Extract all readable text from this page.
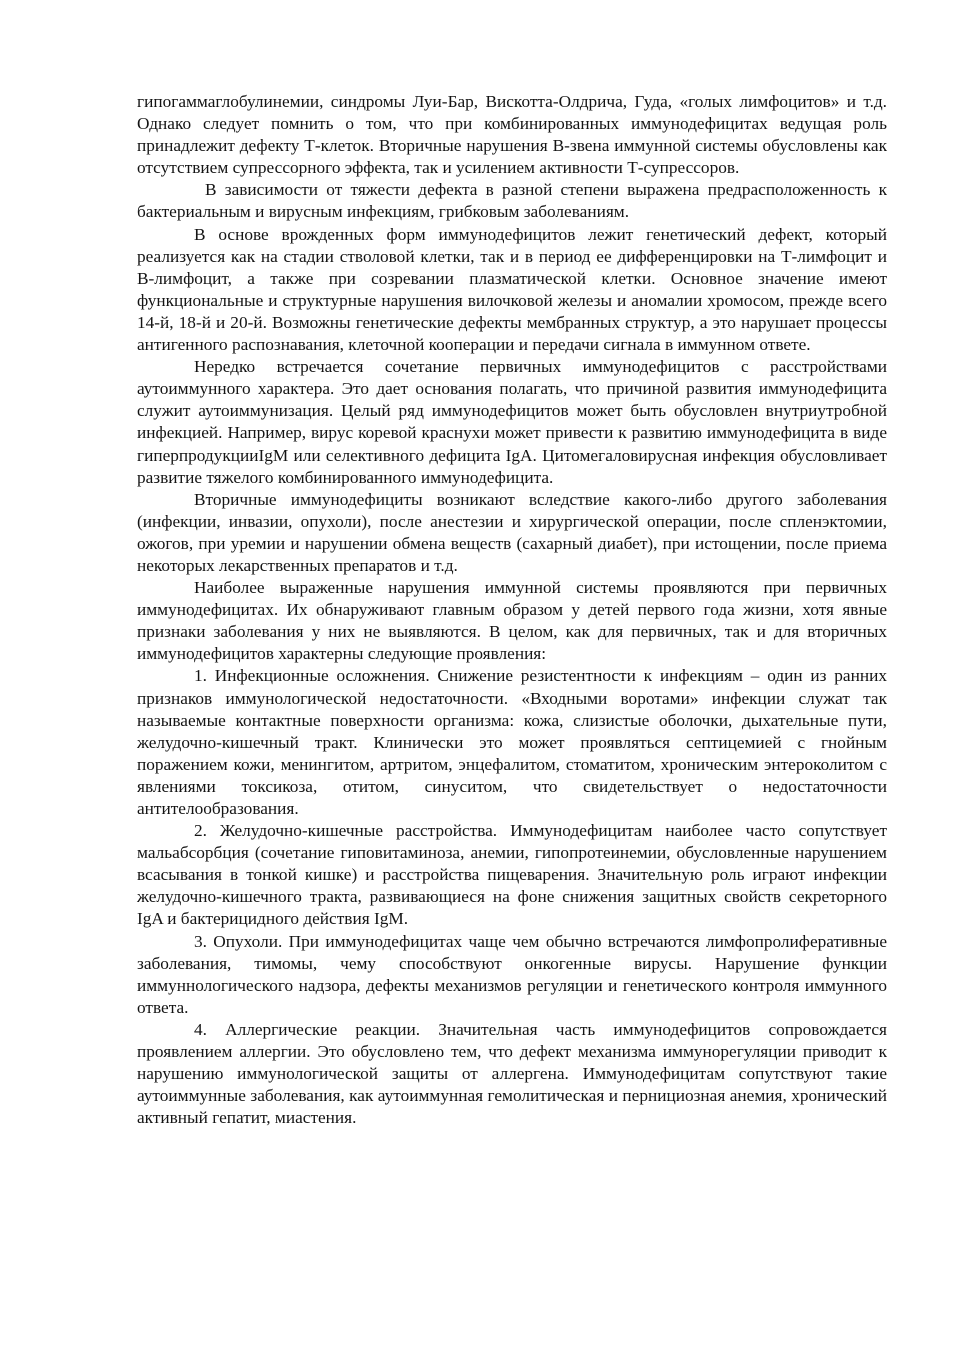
гипогаммаглобулинемии, синдромы Луи-Бар, Вискотта-Олдрича, Гуда, «голых лимфоцитов» и т.д. Однако следует помнить о том, что при комбинированных иммунодефицитах ведущая роль принадлежит дефекту Т-клеток. Вторичные нарушения В-звена иммунной системы обусловлены как отсутствием супрессорного эффекта, так и усилением активности Т-супрессоров.

В зависимости от тяжести дефекта в разной степени выражена предрасположенность к бактериальным и вирусным инфекциям, грибковым заболеваниям.

В основе врожденных форм иммунодефицитов лежит генетический дефект, который реализуется как на стадии стволовой клетки, так и в период ее дифференцировки на Т-лимфоцит и В-лимфоцит, а также при созревании плазматической клетки. Основное значение имеют функциональные и структурные нарушения вилочковой железы и аномалии хромосом, прежде всего 14-й, 18-й и 20-й. Возможны генетические дефекты мембранных структур, а это нарушает процессы антигенного распознавания, клеточной кооперации и передачи сигнала в иммунном ответе.

Нередко встречается сочетание первичных иммунодефицитов с расстройствами аутоиммунного характера. Это дает основания полагать, что причиной развития иммунодефицита служит аутоиммунизация. Целый ряд иммунодефицитов может быть обусловлен внутриутробной инфекцией. Например, вирус коревой краснухи может привести к развитию иммунодефицита в виде гиперпродукцииIgM или селективного дефицита IgA. Цитомегаловирусная инфекция обусловливает развитие тяжелого комбинированного иммунодефицита.

Вторичные иммунодефициты возникают вследствие какого-либо другого заболевания (инфекции, инвазии, опухоли), после анестезии и хирургической операции, после спленэктомии, ожогов, при уремии и нарушении обмена веществ (сахарный диабет), при истощении, после приема некоторых лекарственных препаратов и т.д.

Наиболее выраженные нарушения иммунной системы проявляются при первичных иммунодефицитах. Их обнаруживают главным образом у детей первого года жизни, хотя явные признаки заболевания у них не выявляются. В целом, как для первичных, так и для вторичных иммунодефицитов характерны следующие проявления:

1. Инфекционные осложнения. Снижение резистентности к инфекциям – один из ранних признаков иммунологической недостаточности. «Входными воротами» инфекции служат так называемые контактные поверхности организма: кожа, слизистые оболочки, дыхательные пути, желудочно-кишечный тракт. Клинически это может проявляться септицемией с гнойным поражением кожи, менингитом, артритом, энцефалитом, стоматитом, хроническим энтероколитом с явлениями токсикоза, отитом, синуситом, что свидетельствует о недостаточности антителообразования.

2. Желудочно-кишечные расстройства. Иммунодефицитам наиболее часто сопутствует мальабсорбция (сочетание гиповитаминоза, анемии, гипопротеинемии, обусловленные нарушением всасывания в тонкой кишке) и расстройства пищеварения. Значительную роль играют инфекции желудочно-кишечного тракта, развивающиеся на фоне снижения защитных свойств секреторного IgA и бактерицидного действия IgM.

3. Опухоли. При иммунодефицитах чаще чем обычно встречаются лимфопролиферативные заболевания, тимомы, чему способствуют онкогенные вирусы. Нарушение функции иммуннологического надзора, дефекты механизмов регуляции и генетического контроля иммунного ответа.

4. Аллергические реакции. Значительная часть иммунодефицитов сопровождается проявлением аллергии. Это обусловлено тем, что дефект механизма иммунорегуляции приводит к нарушению иммунологической защиты от аллергена. Иммунодефицитам сопутствуют такие аутоиммунные заболевания, как аутоиммунная гемолитическая и пернициозная анемия, хронический активный гепатит, миастения.
